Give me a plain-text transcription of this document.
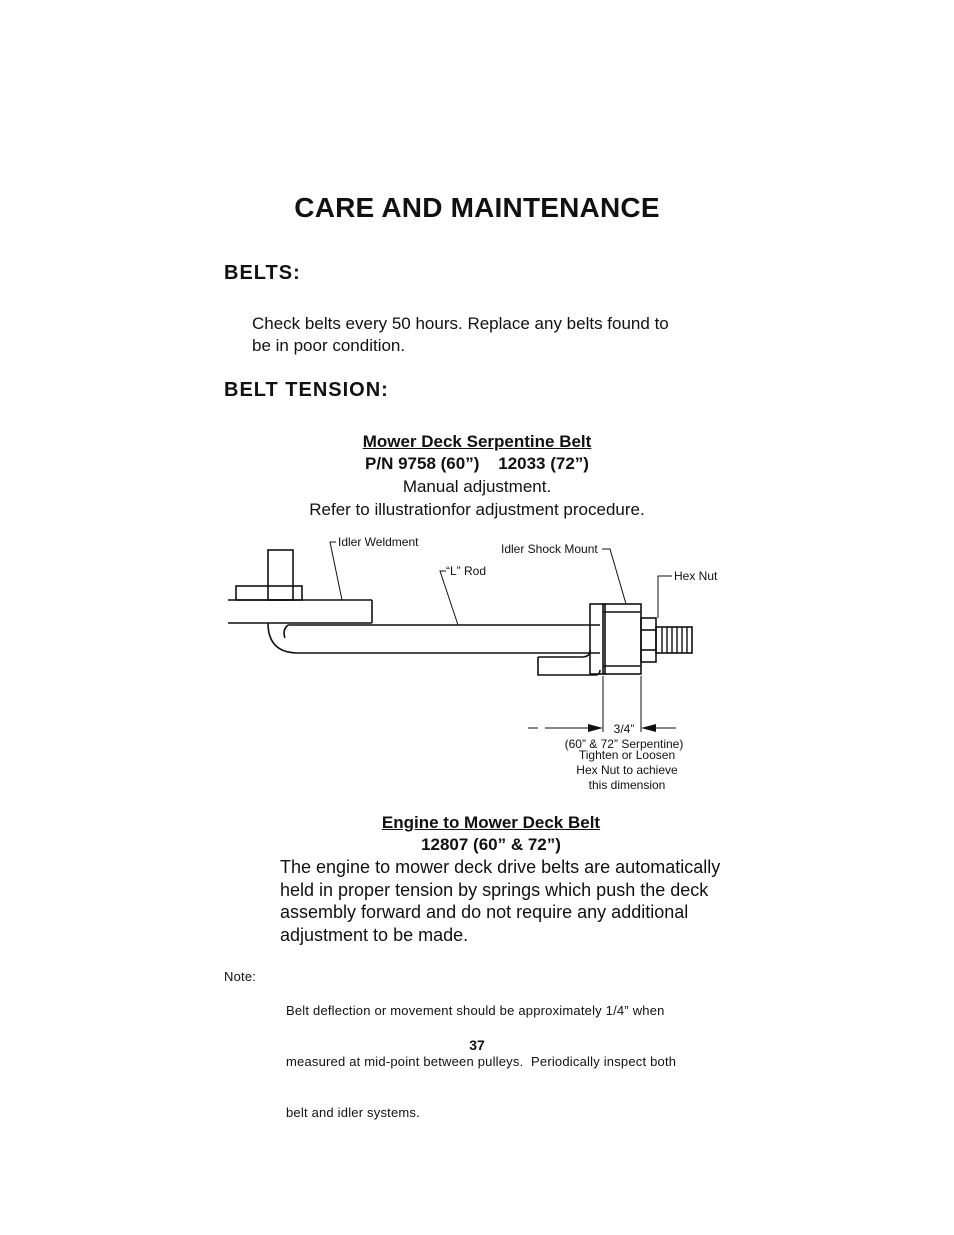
CARE AND MAINTENANCE
BELTS:
Check belts every 50 hours. Replace any belts found to
be in poor condition.
BELT TENSION:
Mower Deck Serpentine Belt
P/N 9758 (60”)    12033 (72”)
Manual adjustment.
Refer to illustrationfor adjustment procedure.
Idler Weldment
“L” Rod
Idler Shock Mount
Hex Nut
3/4”
(60” & 72” Serpentine)
Tighten or Loosen
Hex Nut to achieve
this dimension
Engine to Mower Deck Belt
12807 (60” & 72”)
The engine to mower deck drive belts are automatically
held in proper tension by springs which push the deck
assembly forward and do not require any additional
adjustment to be made.
Note:

Belt deflection or movement should be approximately 1/4” when

measured at mid-point between pulleys.  Periodically inspect both

belt and idler systems.

37
